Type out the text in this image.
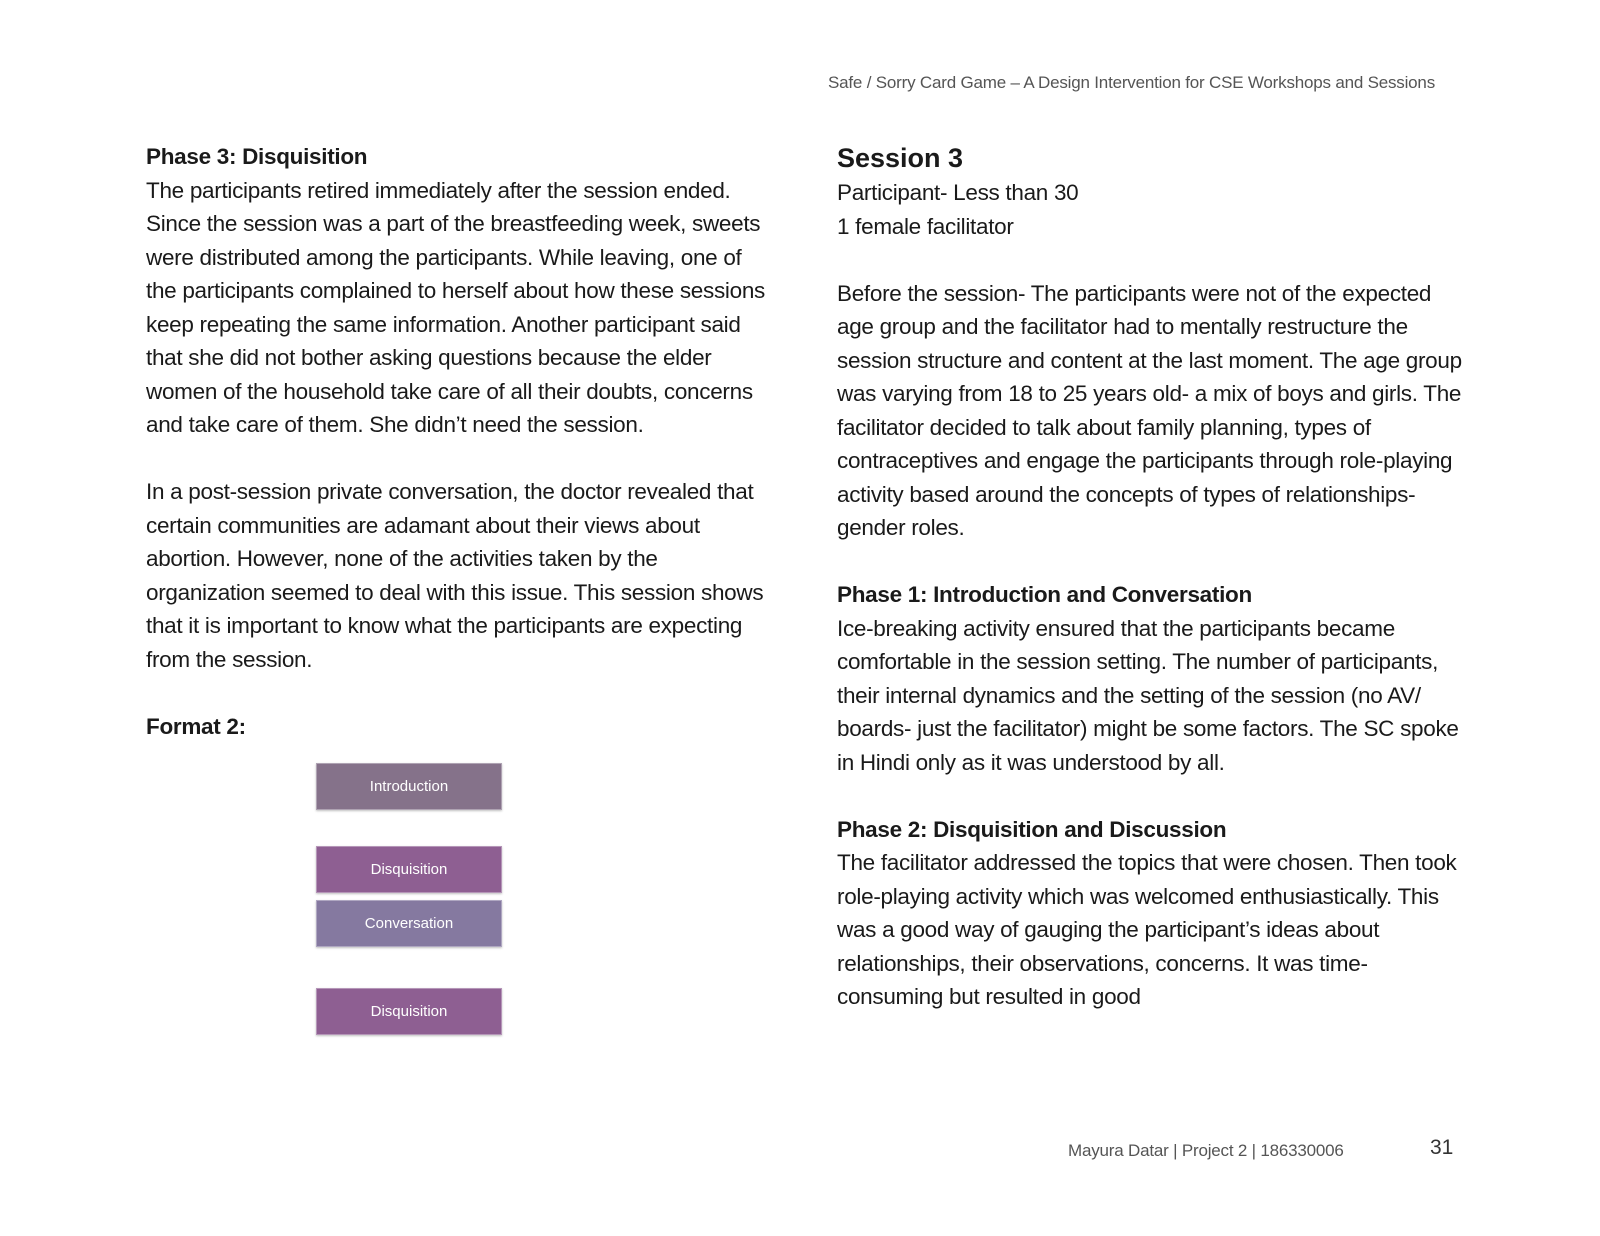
Safe / Sorry Card Game – A Design Intervention for CSE Workshops and Sessions
Phase 3: Disquisition

The participants retired immediately after the session ended. Since the session was a part of the breastfeeding week, sweets were distributed among the participants. While leaving, one of the participants complained to herself about how these sessions keep repeating the same information. Another participant said that she did not bother asking questions because the elder women of the household take care of all their doubts, concerns and take care of them. She didn’t need the session.

In a post-session private conversation, the doctor revealed that certain communities are adamant about their views about abortion. However, none of the activities taken by the organization seemed to deal with this issue. This session shows that it is important to know what the participants are expecting from the session.

Format 2:
Introduction
Disquisition
Conversation
Disquisition
Session 3

Participant- Less than 30

1 female facilitator

Before the session- The participants were not of the expected age group and the facilitator had to mentally restructure the session structure and content at the last moment. The age group was varying from 18 to 25 years old- a mix of boys and girls. The facilitator decided to talk about family planning, types of contraceptives and engage the participants through role-playing activity based around the concepts of types of relationships- gender roles.

Phase 1: Introduction and Conversation

Ice-breaking activity ensured that the participants became comfortable in the session setting. The number of participants, their internal dynamics and the setting of the session (no AV/ boards- just the facilitator) might be some factors. The SC spoke in Hindi only as it was understood by all.

Phase 2: Disquisition and Discussion

The facilitator addressed the topics that were chosen. Then took role-playing activity which was welcomed enthusiastically. This was a good way of gauging the participant’s ideas about relationships, their observations, concerns. It was time-consuming but resulted in good

Mayura Datar | Project 2 | 186330006	31
